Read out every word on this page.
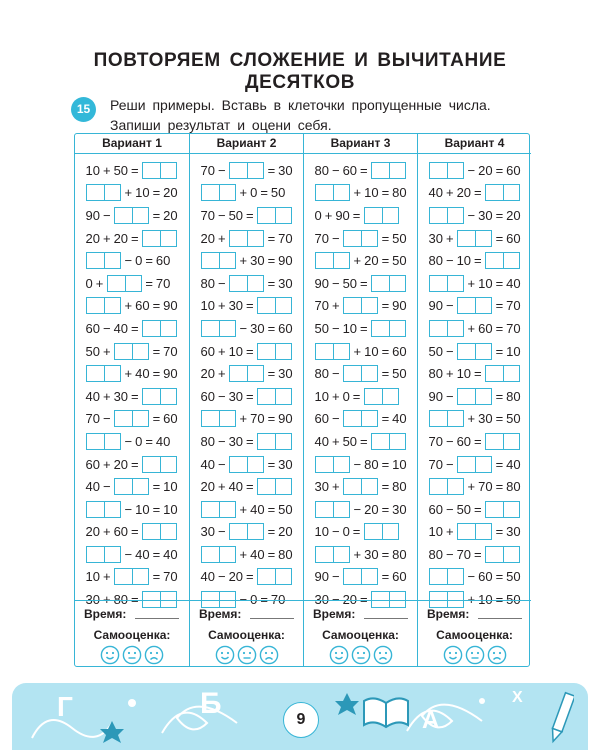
ПОВТОРЯЕМ СЛОЖЕНИЕ И ВЫЧИТАНИЕ ДЕСЯТКОВ
15	Реши примеры. Вставь в клеточки пропущенные числа. Запиши результат и оцени себя.
Вариант 1
10 + 50 =
+ 10 = 20
90 −	= 20
20 + 20 =
− 0 = 60
0 +	= 70
+ 60 = 90
60 − 40 =
50 +	= 70
+ 40 = 90
40 + 30 =
70 −	= 60
− 0 = 40
60 + 20 =
40 −	= 10
− 10 = 10
20 + 60 =
− 40 = 40
10 +	= 70
30 + 80 =
Время:
Самооценка:
Вариант 2
70 −	= 30
+ 0 = 50
70 − 50 =
20 +	= 70
+ 30 = 90
80 −	= 30
10 + 30 =
− 30 = 60
60 + 10 =
20 +	= 30
60 − 30 =
+ 70 = 90
80 − 30 =
40 −	= 30
20 + 40 =
+ 40 = 50
30 −	= 20
+ 40 = 80
40 − 20 =
− 0 = 70
Время:
Самооценка:
Вариант 3
80 − 60 =
+ 10 = 80
0 + 90 =
70 −	= 50
+ 20 = 50
90 − 50 =
70 +	= 90
50 − 10 =
+ 10 = 60
80 −	= 50
10 + 0 =
60 −	= 40
40 + 50 =
− 80 = 10
30 +	= 80
− 20 = 30
10 − 0 =
+ 30 = 80
90 −	= 60
30 − 20 =
Время:
Самооценка:
Вариант 4
− 20 = 60
40 + 20 =
− 30 = 20
30 +	= 60
80 − 10 =
+ 10 = 40
90 −	= 70
+ 60 = 70
50 −	= 10
80 + 10 =
90 −	= 80
+ 30 = 50
70 − 60 =
70 −	= 40
+ 70 = 80
60 − 50 =
10 +	= 30
80 − 70 =
− 60 = 50
+ 10 = 50
Время:
Самооценка:
Г	Б
А
Х
9
